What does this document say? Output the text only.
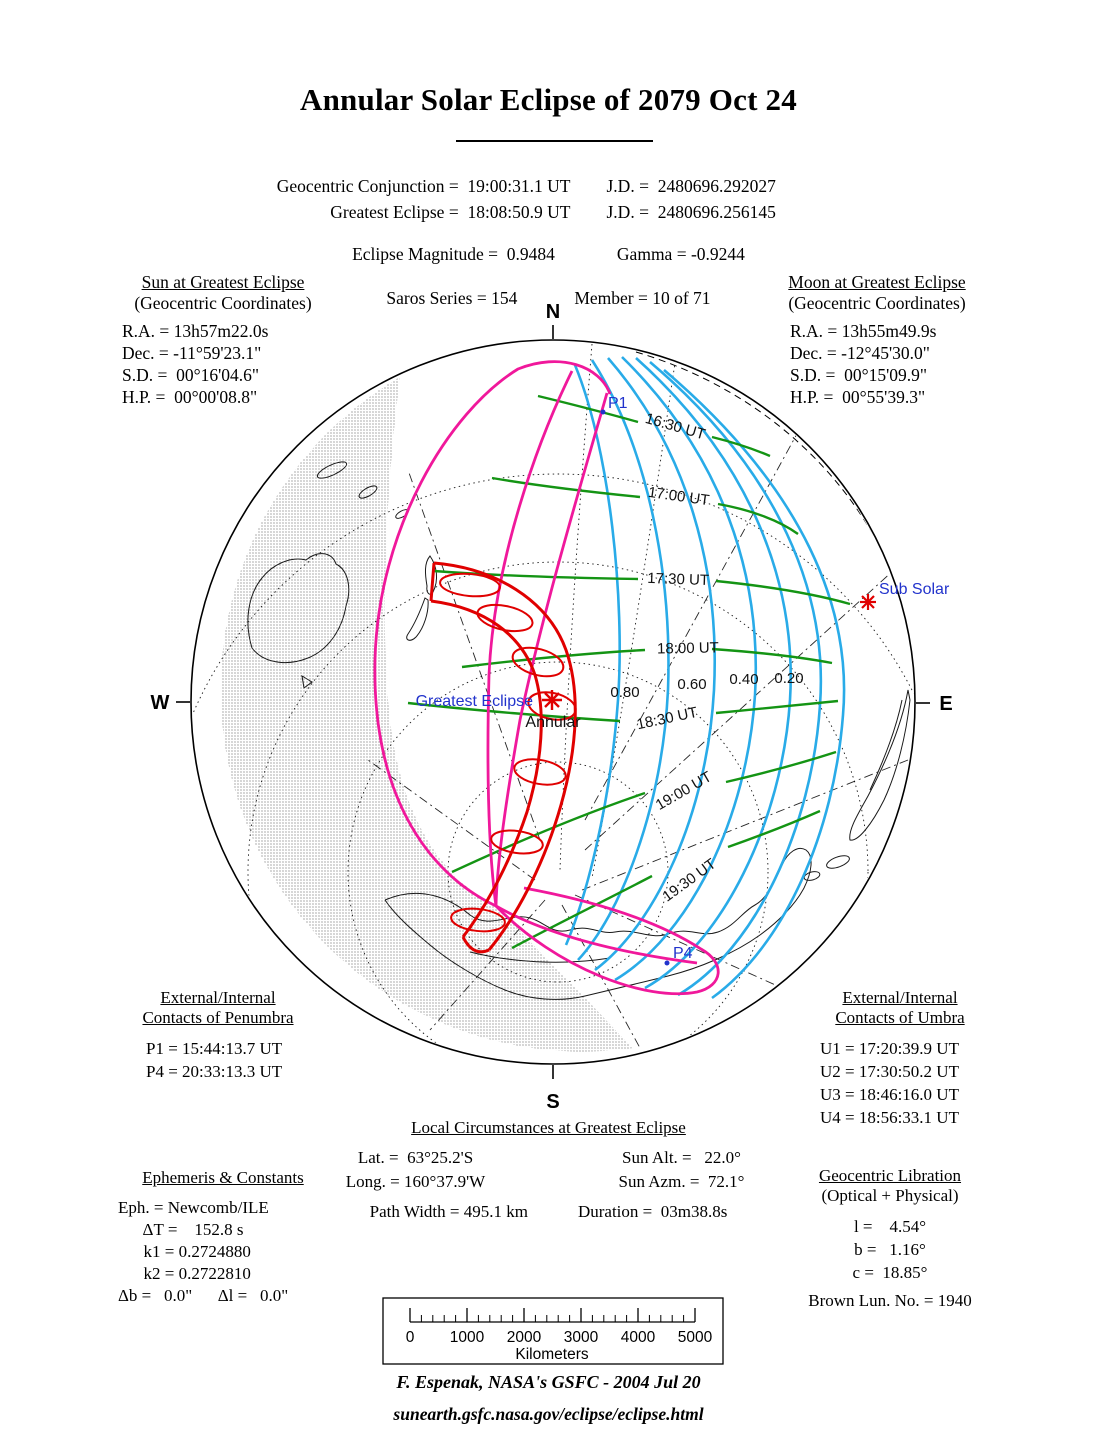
N
S
W	E
16:30 UT
17:00 UT
17:30 UT
18:00 UT
18:30 UT
19:00 UT
19:30 UT
0.80	0.60 0.40 0.20
P1
P4
Sub Solar
Greatest Eclipse
Annular
0 1000 2000 3000 4000 5000
Kilometers
Annular Solar Eclipse of 2079 Oct 24
Geocentric Conjunction =  19:00:31.1 UT J.D. =  2480696.292027
Greatest Eclipse =  18:08:50.9 UT J.D. =  2480696.256145
Eclipse Magnitude =  0.9484	Gamma = -0.9244
Saros Series = 154	Member = 10 of 71
Sun at Greatest Eclipse
(Geocentric Coordinates)
R.A. = 13h57m22.0s
Dec. = -11°59'23.1"
S.D. =  00°16'04.6"
H.P. =  00°00'08.8"
Moon at Greatest Eclipse
(Geocentric Coordinates)
R.A. = 13h55m49.9s
Dec. = -12°45'30.0"
S.D. =  00°15'09.9"
H.P. =  00°55'39.3"
External/Internal
Contacts of Penumbra
P1 = 15:44:13.7 UT
P4 = 20:33:13.3 UT
External/Internal
Contacts of Umbra
U1 = 17:20:39.9 UT
U2 = 17:30:50.2 UT
U3 = 18:46:16.0 UT
U4 = 18:56:33.1 UT
Local Circumstances at Greatest Eclipse
Lat. =  63°25.2'S
Long. = 160°37.9'W
Sun Alt. =   22.0°
Sun Azm. =  72.1°
Path Width = 495.1 km	Duration =  03m38.8s
Ephemeris & Constants
Eph. = Newcomb/ILE
ΔT =    152.8 s
k1 = 0.2724880
k2 = 0.2722810
Δb =   0.0"      Δl =   0.0"
Geocentric Libration
(Optical + Physical)
l =    4.54°
b =   1.16°
c =  18.85°
Brown Lun. No. = 1940
F. Espenak, NASA's GSFC - 2004 Jul 20
sunearth.gsfc.nasa.gov/eclipse/eclipse.html
